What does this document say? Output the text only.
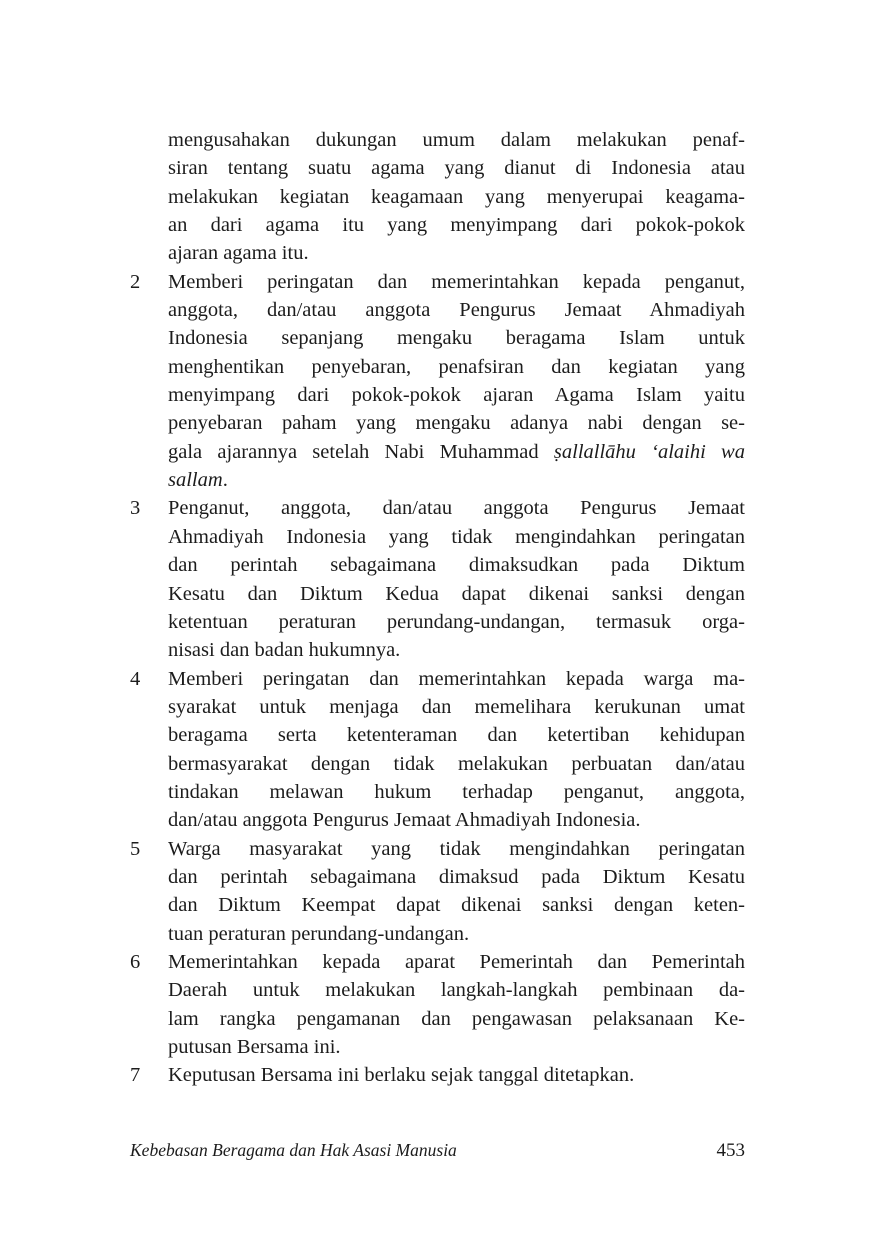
mengusahakan dukungan umum dalam melakukan penaf-
siran tentang suatu agama yang dianut di Indonesia atau
melakukan kegiatan keagamaan yang menyerupai keagama-
an dari agama itu yang menyimpang dari pokok-pokok
ajaran agama itu.
2	Memberi peringatan dan memerintahkan kepada penganut,
anggota, dan/atau anggota Pengurus Jemaat Ahmadiyah
Indonesia sepanjang mengaku beragama Islam untuk
menghentikan penyebaran, penafsiran dan kegiatan yang
menyimpang dari pokok-pokok ajaran Agama Islam yaitu
penyebaran paham yang mengaku adanya nabi dengan se-
gala ajarannya setelah Nabi Muhammad ṣallallāhu ‘alaihi wa
sallam.
3	Penganut, anggota, dan/atau anggota Pengurus Jemaat
Ahmadiyah Indonesia yang tidak mengindahkan peringatan
dan perintah sebagaimana dimaksudkan pada Diktum
Kesatu dan Diktum Kedua dapat dikenai sanksi dengan
ketentuan peraturan perundang-undangan, termasuk orga-
nisasi dan badan hukumnya.
4	Memberi peringatan dan memerintahkan kepada warga ma-
syarakat untuk menjaga dan memelihara kerukunan umat
beragama serta ketenteraman dan ketertiban kehidupan
bermasyarakat dengan tidak melakukan perbuatan dan/atau
tindakan melawan hukum terhadap penganut, anggota,
dan/atau anggota Pengurus Jemaat Ahmadiyah Indonesia.
5	Warga masyarakat yang tidak mengindahkan peringatan
dan perintah sebagaimana dimaksud pada Diktum Kesatu
dan Diktum Keempat dapat dikenai sanksi dengan keten-
tuan peraturan perundang-undangan.
6	Memerintahkan kepada aparat Pemerintah dan Pemerintah
Daerah untuk melakukan langkah-langkah pembinaan da-
lam rangka pengamanan dan pengawasan pelaksanaan Ke-
putusan Bersama ini.
7	Keputusan Bersama ini berlaku sejak tanggal ditetapkan.
Kebebasan Beragama dan Hak Asasi Manusia	453
